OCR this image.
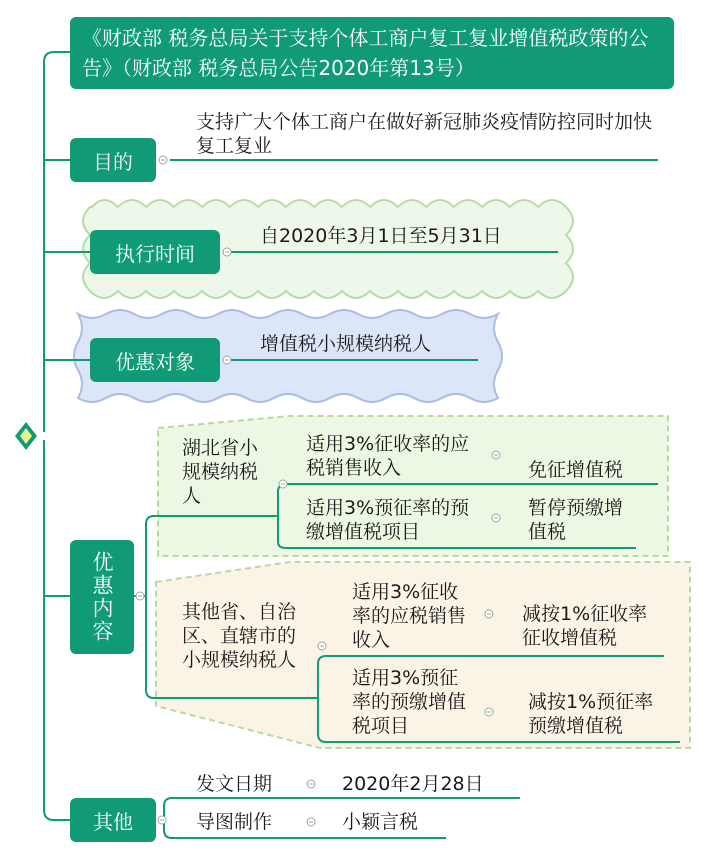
《财政部 税务总局关于支持个体工商户复工复业增值税政策的公告》（财政部 税务总局公告2020年第13号）
目的
支持广大个体工商户在做好新冠肺炎疫情防控同时加快复工复业
执行时间
自2020年3月1日至5月31日
优惠对象
增值税小规模纳税人
优惠内容
湖北省小规模纳税人
适用3%征收率的应税销售收入	免征增值税
适用3%预征率的预缴增值税项目
暂停预缴增值税
其他省、自治区、直辖市的小规模纳税人
适用3%征收率的应税销售收入
减按1%征收率征收增值税
适用3%预征率的预缴增值税项目
减按1%预征率预缴增值税
其他
发文日期	2020年2月28日
导图制作	小颖言税
